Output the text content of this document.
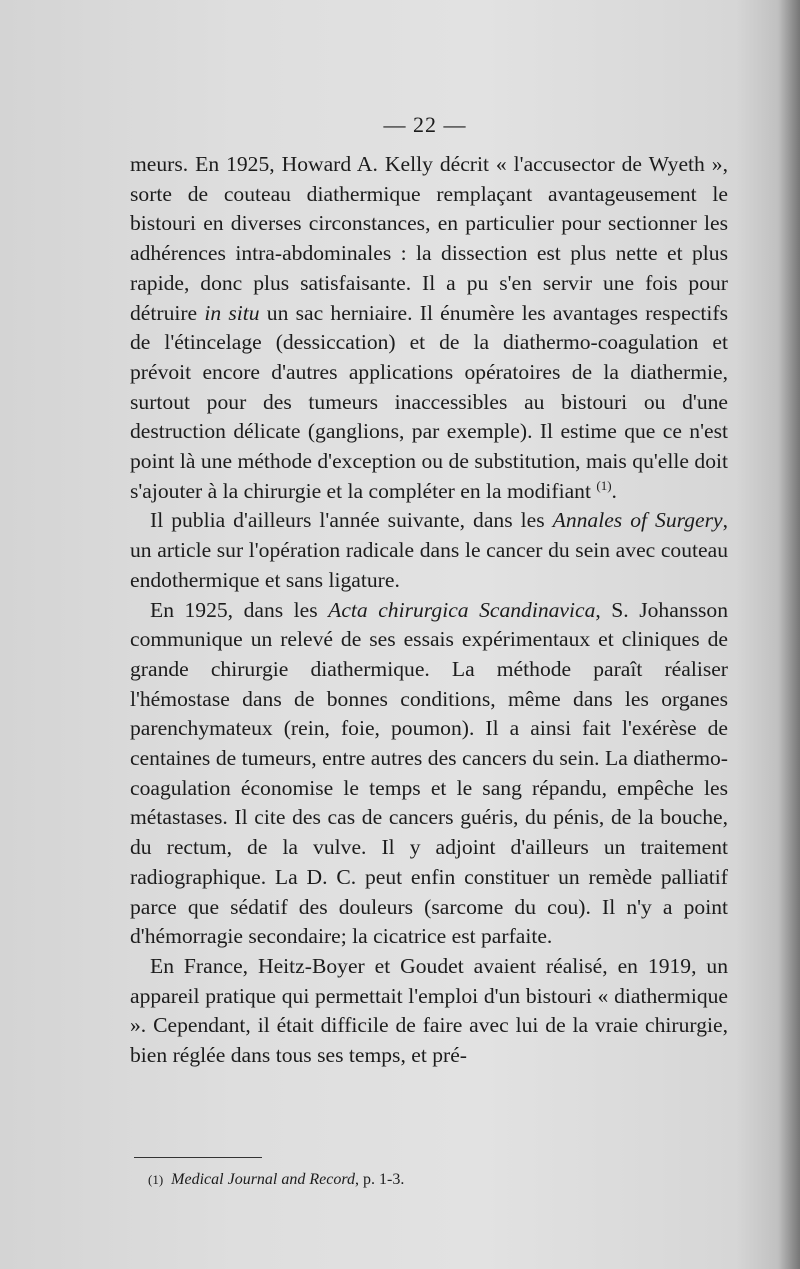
— 22 —

meurs. En 1925, Howard A. Kelly décrit « l'accusector de Wyeth », sorte de couteau diathermique remplaçant avantageusement le bistouri en diverses circonstances, en particulier pour sectionner les adhérences intra-abdominales : la dissection est plus nette et plus rapide, donc plus satisfaisante. Il a pu s'en servir une fois pour détruire in situ un sac herniaire. Il énumère les avantages respectifs de l'étincelage (dessiccation) et de la diathermo-coagulation et prévoit encore d'autres applications opératoires de la diathermie, surtout pour des tumeurs inaccessibles au bistouri ou d'une destruction délicate (ganglions, par exemple). Il estime que ce n'est point là une méthode d'exception ou de substitution, mais qu'elle doit s'ajouter à la chirurgie et la compléter en la modifiant $^{(1)}$.

Il publia d'ailleurs l'année suivante, dans les Annales of Surgery, un article sur l'opération radicale dans le cancer du sein avec couteau endothermique et sans ligature.

En 1925, dans les Acta chirurgica Scandinavica, S. Johansson communique un relevé de ses essais expérimentaux et cliniques de grande chirurgie diathermique. La méthode paraît réaliser l'hémostase dans de bonnes conditions, même dans les organes parenchymateux (rein, foie, poumon). Il a ainsi fait l'exérèse de centaines de tumeurs, entre autres des cancers du sein. La diathermo-coagulation économise le temps et le sang répandu, empêche les métastases. Il cite des cas de cancers guéris, du pénis, de la bouche, du rectum, de la vulve. Il y adjoint d'ailleurs un traitement radiographique. La D. C. peut enfin constituer un remède palliatif parce que sédatif des douleurs (sarcome du cou). Il n'y a point d'hémorragie secondaire; la cicatrice est parfaite.

En France, Heitz-Boyer et Goudet avaient réalisé, en 1919, un appareil pratique qui permettait l'emploi d'un bistouri « diathermique ». Cependant, il était difficile de faire avec lui de la vraie chirurgie, bien réglée dans tous ses temps, et pré-

(1) Medical Journal and Record, p. 1-3.
